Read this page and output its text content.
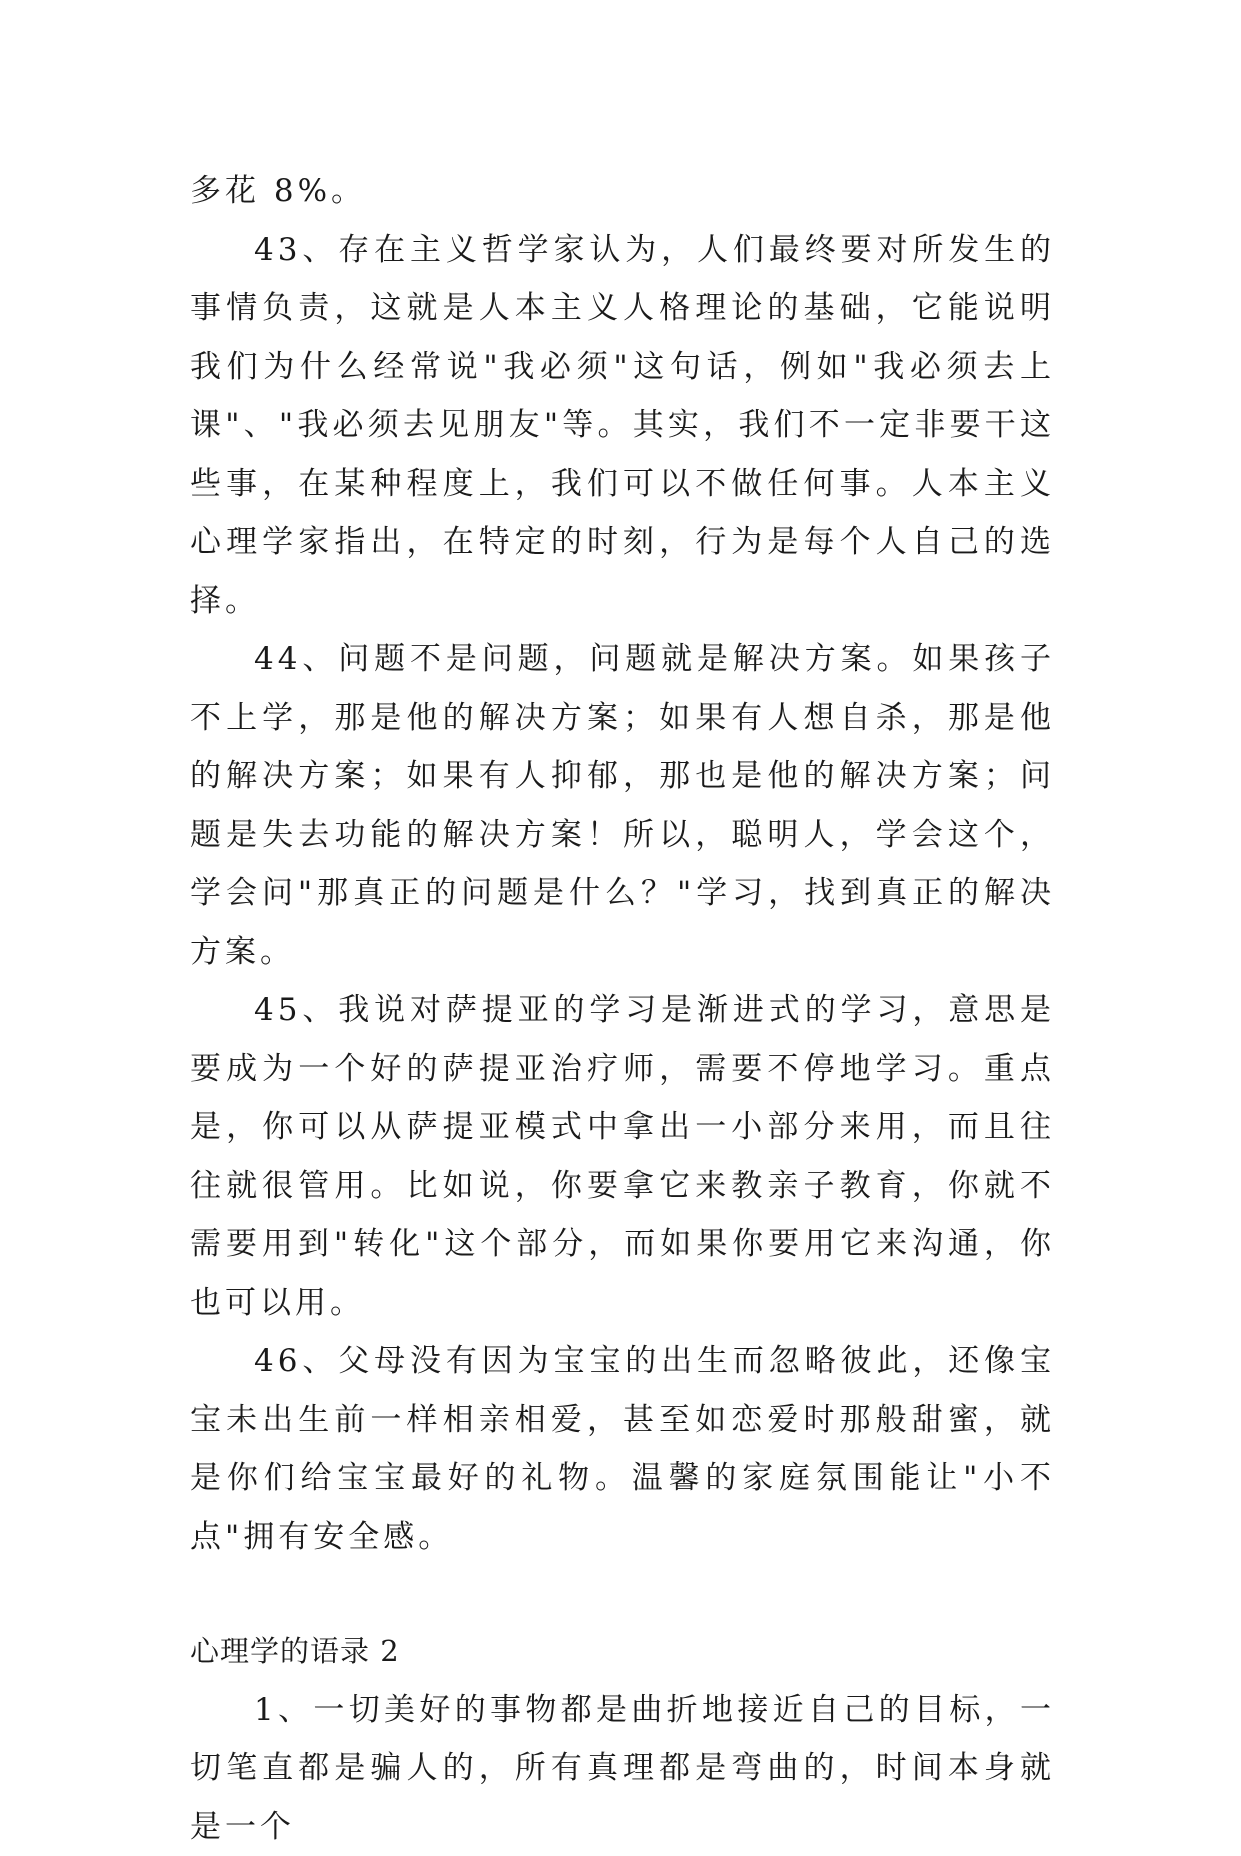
多花 8%。

43、存在主义哲学家认为，人们最终要对所发生的事情负责，这就是人本主义人格理论的基础，它能说明我们为什么经常说"我必须"这句话，例如"我必须去上课"、"我必须去见朋友"等。其实，我们不一定非要干这些事，在某种程度上，我们可以不做任何事。人本主义心理学家指出，在特定的时刻，行为是每个人自己的选择。

44、问题不是问题，问题就是解决方案。如果孩子不上学，那是他的解决方案；如果有人想自杀，那是他的解决方案；如果有人抑郁，那也是他的解决方案；问题是失去功能的解决方案！所以，聪明人，学会这个，学会问"那真正的问题是什么？"学习，找到真正的解决方案。

45、我说对萨提亚的学习是渐进式的学习，意思是要成为一个好的萨提亚治疗师，需要不停地学习。重点是，你可以从萨提亚模式中拿出一小部分来用，而且往往就很管用。比如说，你要拿它来教亲子教育，你就不需要用到"转化"这个部分，而如果你要用它来沟通，你也可以用。

46、父母没有因为宝宝的出生而忽略彼此，还像宝宝未出生前一样相亲相爱，甚至如恋爱时那般甜蜜，就是你们给宝宝最好的礼物。温馨的家庭氛围能让"小不点"拥有安全感。

心理学的语录 2

1、一切美好的事物都是曲折地接近自己的目标，一切笔直都是骗人的，所有真理都是弯曲的，时间本身就是一个
